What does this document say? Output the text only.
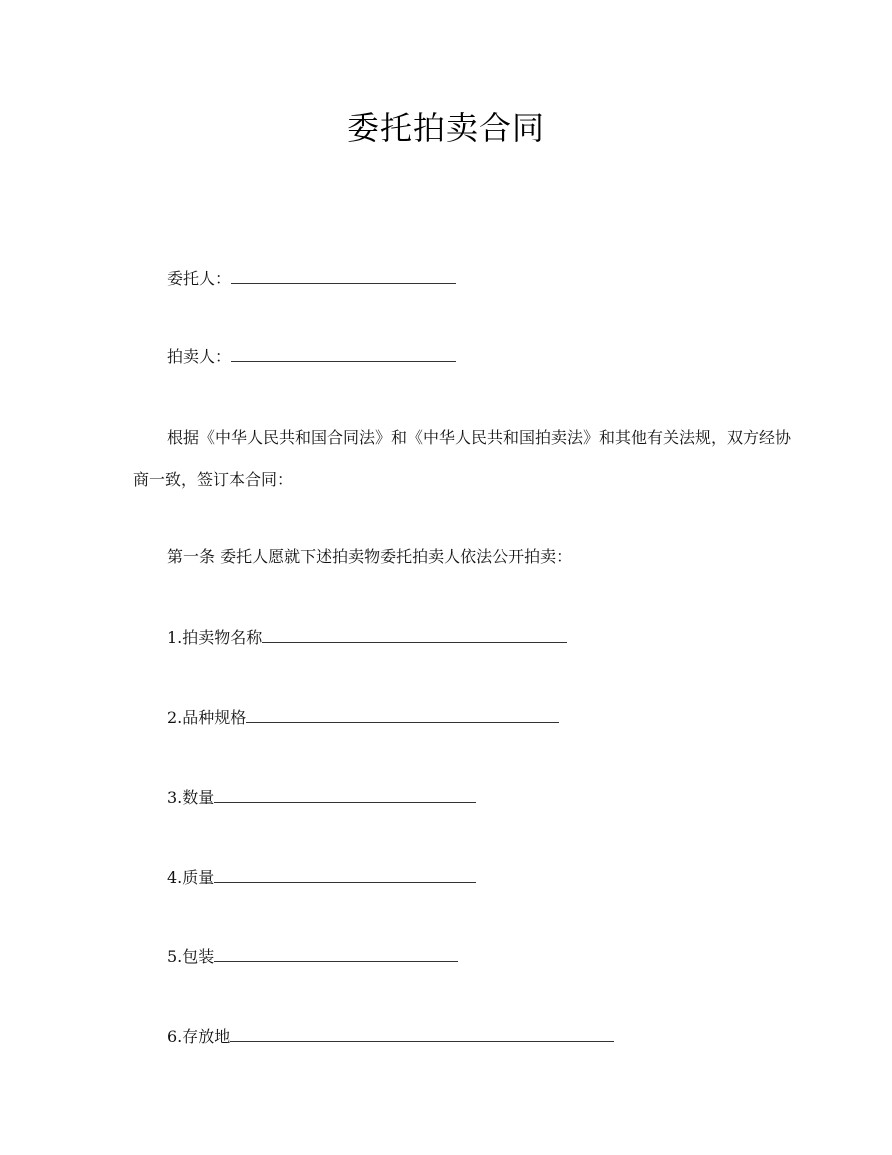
委托拍卖合同
委托人：
拍卖人：
根据《中华人民共和国合同法》和《中华人民共和国拍卖法》和其他有关法规，双方经协商一致，签订本合同：
第一条 委托人愿就下述拍卖物委托拍卖人依法公开拍卖：
1.拍卖物名称
2.品种规格
3.数量
4.质量
5.包装
6.存放地
